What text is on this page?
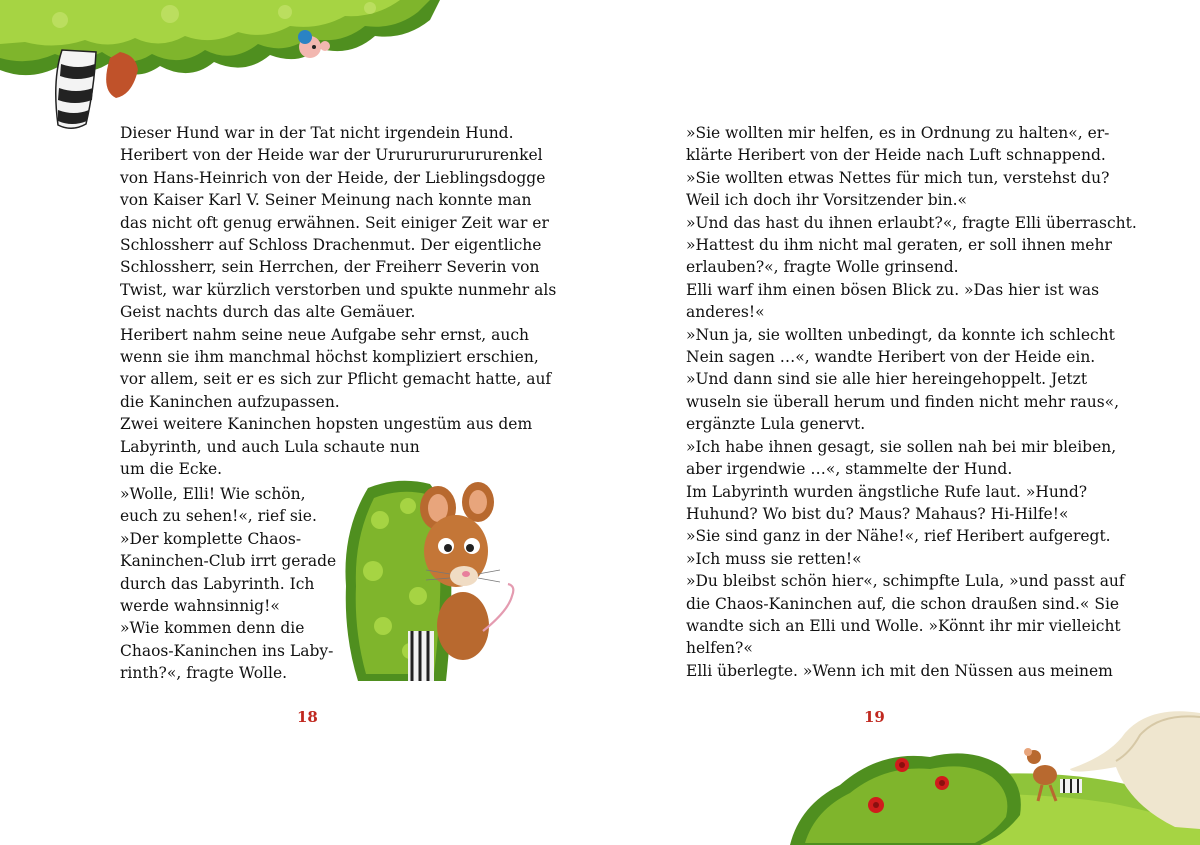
Dieser Hund war in der Tat nicht irgendein Hund.
Heribert von der Heide war der Urururururururenkel
von Hans-Heinrich von der Heide, der Lieblingsdogge
von Kaiser Karl V. Seiner Meinung nach konnte man
das nicht oft genug erwähnen. Seit einiger Zeit war er
Schlossherr auf Schloss Drachenmut. Der eigentliche
Schlossherr, sein Herrchen, der Freiherr Severin von
Twist, war kürzlich verstorben und spukte nunmehr als
Geist nachts durch das alte Gemäuer.
Heribert nahm seine neue Aufgabe sehr ernst, auch
wenn sie ihm manchmal höchst kompliziert erschien,
vor allem, seit er es sich zur Pflicht gemacht hatte, auf
die Kaninchen aufzupassen.
Zwei weitere Kaninchen hopsten ungestüm aus dem
Labyrinth, und auch Lula schaute nun
um die Ecke.
»Wolle, Elli! Wie schön,
euch zu sehen!«, rief sie.
»Der komplette Chaos-
Kaninchen-Club irrt gerade
durch das Labyrinth. Ich
werde wahnsinnig!«
»Wie kommen denn die
Chaos-Kaninchen ins Laby-
rinth?«, fragte Wolle.
18
»Sie wollten mir helfen, es in Ordnung zu halten«, er-
klärte Heribert von der Heide nach Luft schnappend.
»Sie wollten etwas Nettes für mich tun, verstehst du?
Weil ich doch ihr Vorsitzender bin.«
»Und das hast du ihnen erlaubt?«, fragte Elli überrascht.
»Hattest du ihm nicht mal geraten, er soll ihnen mehr
erlauben?«, fragte Wolle grinsend.
Elli warf ihm einen bösen Blick zu. »Das hier ist was
anderes!«
»Nun ja, sie wollten unbedingt, da konnte ich schlecht
Nein sagen …«, wandte Heribert von der Heide ein.
»Und dann sind sie alle hier hereingehoppelt. Jetzt
wuseln sie überall herum und finden nicht mehr raus«,
ergänzte Lula genervt.
»Ich habe ihnen gesagt, sie sollen nah bei mir bleiben,
aber irgendwie …«, stammelte der Hund.
Im Labyrinth wurden ängstliche Rufe laut. »Hund?
Huhund? Wo bist du? Maus? Mahaus? Hi-Hilfe!«
»Sie sind ganz in der Nähe!«, rief Heribert aufgeregt.
»Ich muss sie retten!«
»Du bleibst schön hier«, schimpfte Lula, »und passt auf
die Chaos-Kaninchen auf, die schon draußen sind.« Sie
wandte sich an Elli und Wolle. »Könnt ihr mir vielleicht
helfen?«
Elli überlegte. »Wenn ich mit den Nüssen aus meinem
19
